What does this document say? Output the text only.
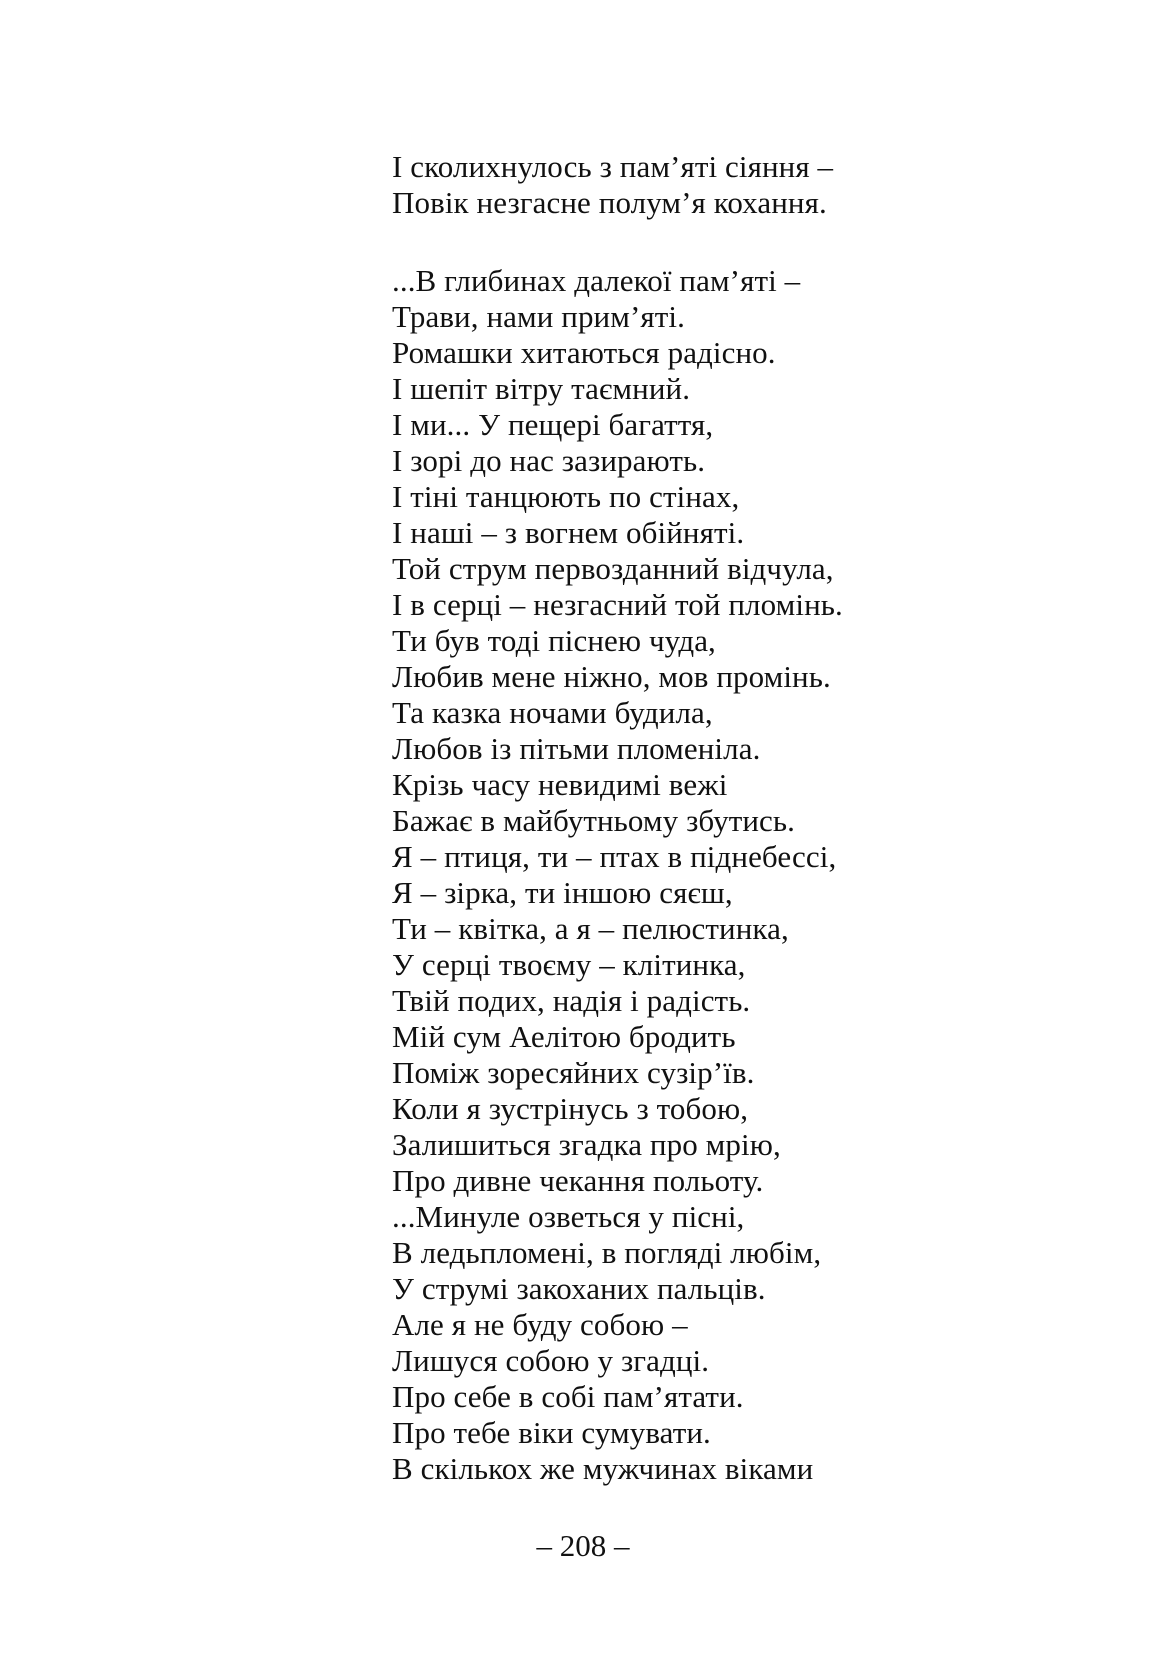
І сколихнулось з пам’яті сіяння –
Повік незгасне полум’я кохання.
...В глибинах далекої пам’яті –
Трави, нами прим’яті.
Ромашки хитаються радісно.
І шепіт вітру таємний.
І ми... У пещері багаття,
І зорі до нас зазирають.
І тіні танцюють по стінах,
І наші – з вогнем обійняті.
Той струм первозданний відчула,
І в серці – незгасний той пломінь.
Ти був тоді піснею чуда,
Любив мене ніжно, мов промінь.
Та казка ночами будила,
Любов із пітьми пломеніла.
Крізь часу невидимі вежі
Бажає в майбутньому збутись.
Я – птиця, ти – птах в піднебессі,
Я – зірка, ти іншою сяєш,
Ти – квітка, а я – пелюстинка,
У серці твоєму – клітинка,
Твій подих, надія і радість.
Мій сум Аелітою бродить
Поміж зоресяйних сузір’їв.
Коли я зустрінусь з тобою,
Залишиться згадка про мрію,
Про дивне чекання польоту.
...Минуле озветься у пісні,
В ледьпломені, в погляді любім,
У струмі закоханих пальців.
Але я не буду собою –
Лишуся собою у згадці.
Про себе в собі пам’ятати.
Про тебе віки сумувати.
В скількох же мужчинах віками
– 208 –
